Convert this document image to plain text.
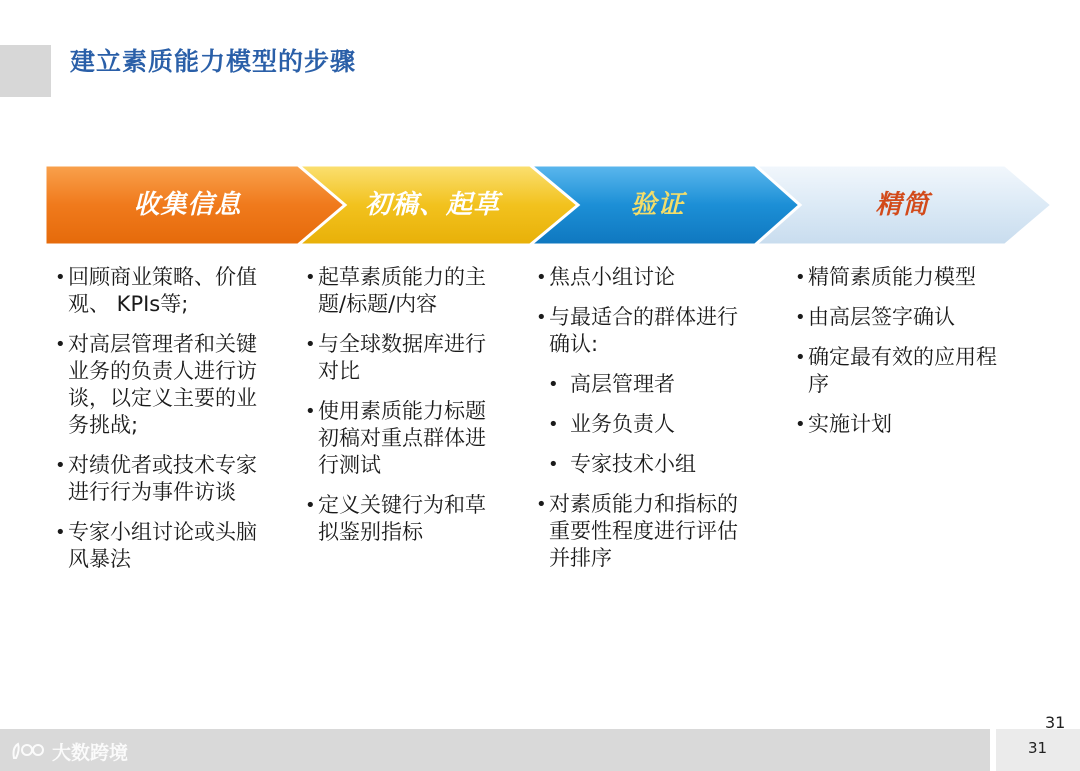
建立素质能力模型的步骤
收集信息	初稿、起草	验证	精简
• 回顾商业策略、价值 观、 KPIs等;
• 对高层管理者和关键 业务的负责人进行访 谈，以定义主要的业 务挑战;
• 对绩优者或技术专家 进行行为事件访谈
• 专家小组讨论或头脑 风暴法
• 起草素质能力的主 题/标题/内容
• 与全球数据库进行 对比
• 使用素质能力标题 初稿对重点群体进 行测试
• 定义关键行为和草 拟鉴别指标
• 焦点小组讨论
• 与最适合的群体进行 确认:
• 高层管理者
• 业务负责人
• 专家技术小组
• 对素质能力和指标的 重要性程度进行评估 并排序
• 精简素质能力模型
• 由高层签字确认
• 确定最有效的应用程 序
• 实施计划
31
31
大数跨境
